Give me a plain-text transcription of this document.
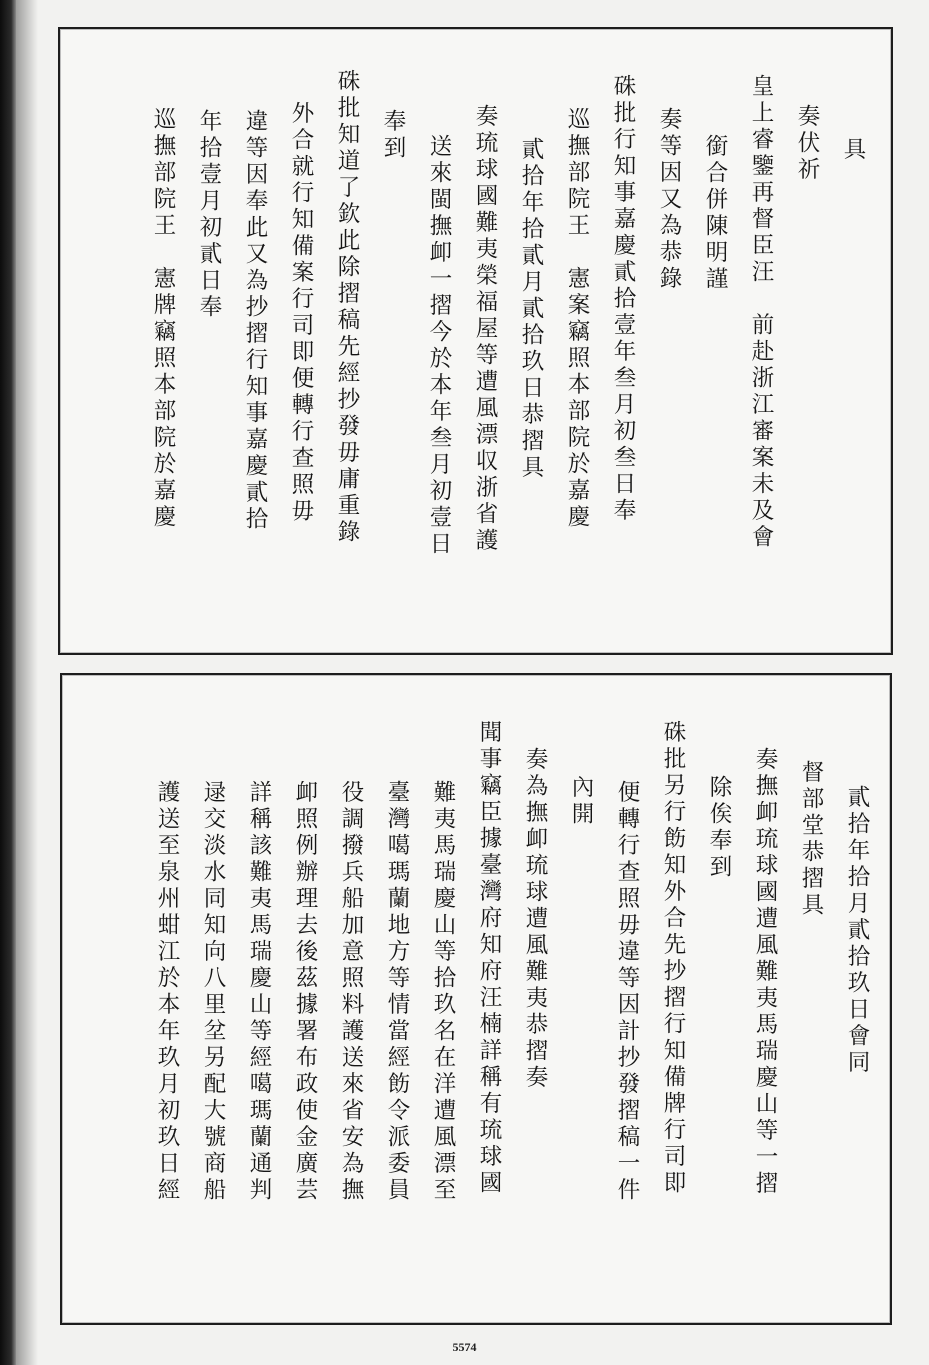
具
奏伏祈
皇上睿鑒再督臣汪　前赴浙江審案未及會
銜合併陳明謹
奏等因又為恭錄
硃批行知事嘉慶貳拾壹年叁月初叁日奉
巡撫部院王　憲案竊照本部院於嘉慶
貳拾年拾貳月貳拾玖日恭摺具
奏琉球國難夷榮福屋等遭風漂収浙省護
送來閩撫卹一摺今於本年叁月初壹日
奉到
硃批知道了欽此除摺稿先經抄發毋庸重錄
外合就行知備案行司即便轉行查照毋
違等因奉此又為抄摺行知事嘉慶貳拾
年拾壹月初貳日奉
巡撫部院王　憲牌竊照本部院於嘉慶
貳拾年拾月貳拾玖日會同
督部堂恭摺具
奏撫卹琉球國遭風難夷馬瑞慶山等一摺
除俟奉到
硃批另行飭知外合先抄摺行知備牌行司即
便轉行查照毋違等因計抄發摺稿一件
內開
奏為撫卹琉球遭風難夷恭摺奏
聞事竊臣據臺灣府知府汪楠詳稱有琉球國
難夷馬瑞慶山等拾玖名在洋遭風漂至
臺灣噶瑪蘭地方等情當經飭令派委員
役調撥兵船加意照料護送來省安為撫
卹照例辦理去後茲據署布政使金廣芸
詳稱該難夷馬瑞慶山等經噶瑪蘭通判
逯交淡水同知向八里坌另配大號商船
護送至泉州蚶江於本年玖月初玖日經
5574
